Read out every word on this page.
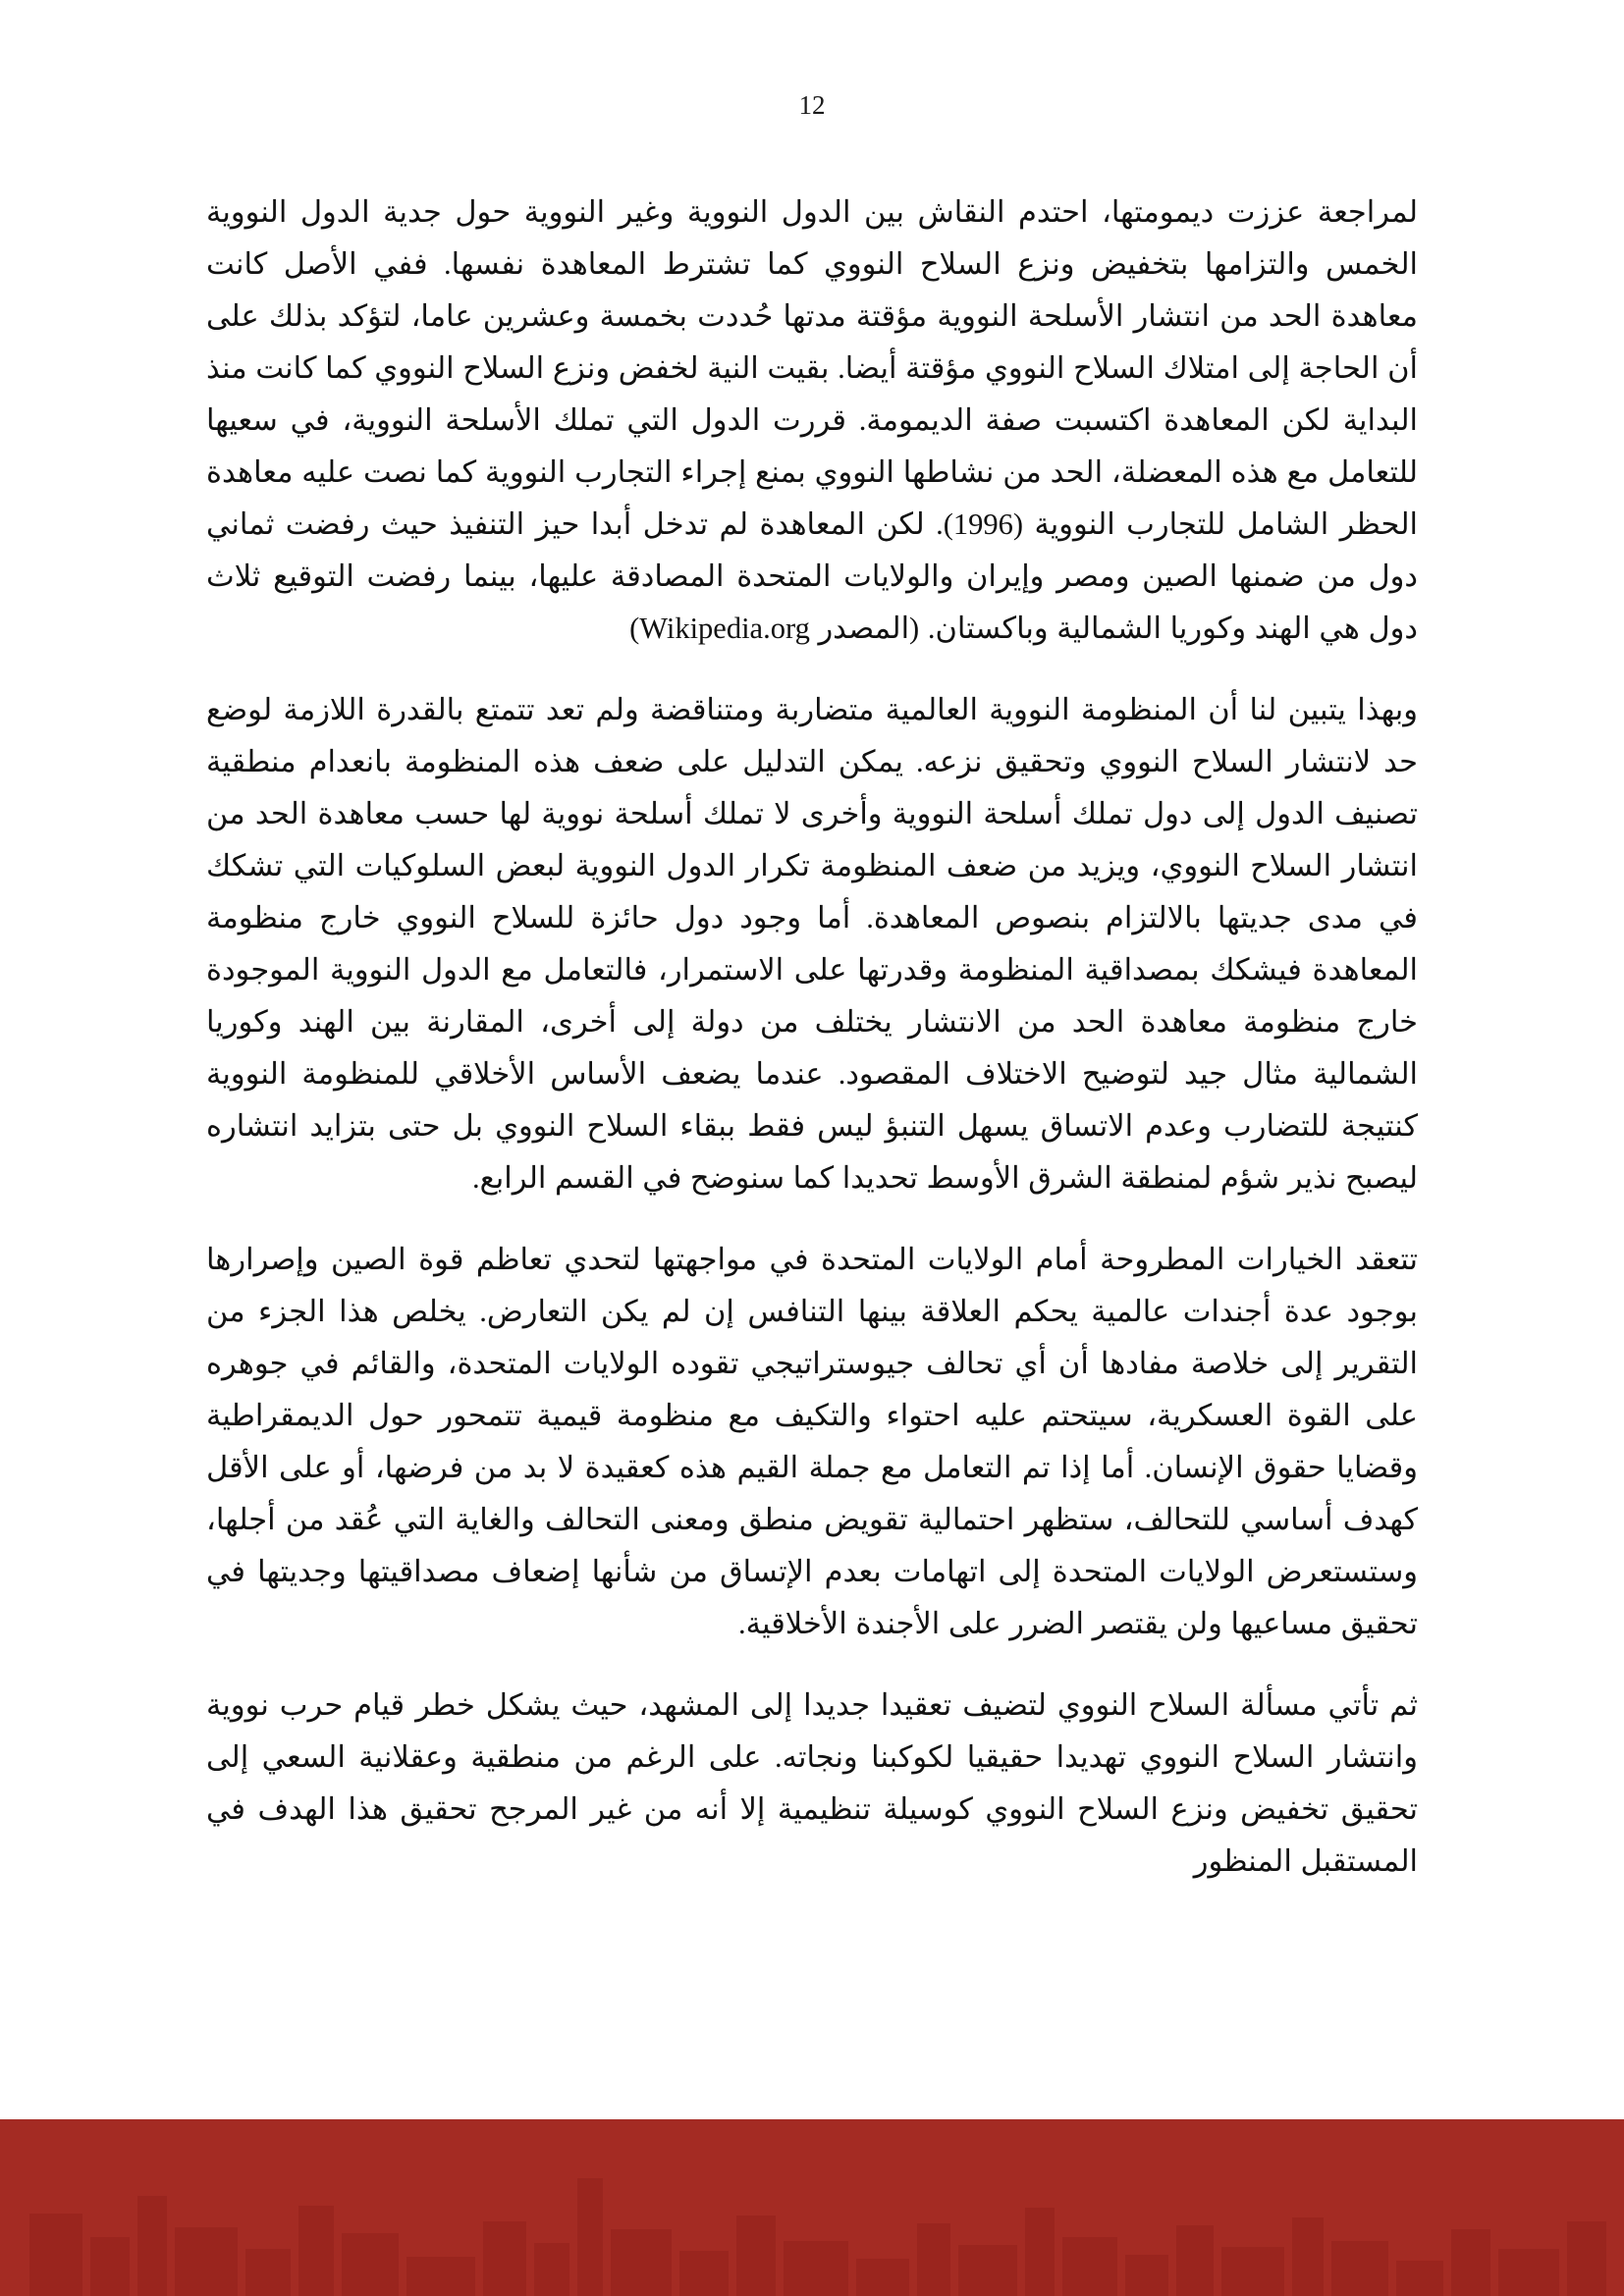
12

لمراجعة عززت ديمومتها، احتدم النقاش بين الدول النووية وغير النووية حول جدية الدول النووية الخمس والتزامها بتخفيض ونزع السلاح النووي كما تشترط المعاهدة نفسها. ففي الأصل كانت معاهدة الحد من انتشار الأسلحة النووية مؤقتة مدتها حُددت بخمسة وعشرين عاما، لتؤكد بذلك على أن الحاجة إلى امتلاك السلاح النووي مؤقتة أيضا. بقيت النية لخفض ونزع السلاح النووي كما كانت منذ البداية لكن المعاهدة اكتسبت صفة الديمومة. قررت الدول التي تملك الأسلحة النووية، في سعيها للتعامل مع هذه المعضلة، الحد من نشاطها النووي بمنع إجراء التجارب النووية كما نصت عليه معاهدة الحظر الشامل للتجارب النووية (1996). لكن المعاهدة لم تدخل أبدا حيز التنفيذ حيث رفضت ثماني دول من ضمنها الصين ومصر وإيران والولايات المتحدة المصادقة عليها، بينما رفضت التوقيع ثلاث دول هي الهند وكوريا الشمالية وباكستان. (المصدر Wikipedia.org)

وبهذا يتبين لنا أن المنظومة النووية العالمية متضاربة ومتناقضة ولم تعد تتمتع بالقدرة اللازمة لوضع حد لانتشار السلاح النووي وتحقيق نزعه. يمكن التدليل على ضعف هذه المنظومة بانعدام منطقية تصنيف الدول إلى دول تملك أسلحة النووية وأخرى لا تملك أسلحة نووية لها حسب معاهدة الحد من انتشار السلاح النووي، ويزيد من ضعف المنظومة تكرار الدول النووية لبعض السلوكيات التي تشكك في مدى جديتها بالالتزام بنصوص المعاهدة. أما وجود دول حائزة للسلاح النووي خارج منظومة المعاهدة فيشكك بمصداقية المنظومة وقدرتها على الاستمرار، فالتعامل مع الدول النووية الموجودة خارج منظومة معاهدة الحد من الانتشار يختلف من دولة إلى أخرى، المقارنة بين الهند وكوريا الشمالية مثال جيد لتوضيح الاختلاف المقصود. عندما يضعف الأساس الأخلاقي للمنظومة النووية كنتيجة للتضارب وعدم الاتساق يسهل التنبؤ ليس فقط ببقاء السلاح النووي بل حتى بتزايد انتشاره ليصبح نذير شؤم لمنطقة الشرق الأوسط تحديدا كما سنوضح في القسم الرابع.

تتعقد الخيارات المطروحة أمام الولايات المتحدة في مواجهتها لتحدي تعاظم قوة الصين وإصرارها بوجود عدة أجندات عالمية يحكم العلاقة بينها التنافس إن لم يكن التعارض. يخلص هذا الجزء من التقرير إلى خلاصة مفادها أن أي تحالف جيوستراتيجي تقوده الولايات المتحدة، والقائم في جوهره على القوة العسكرية، سيتحتم عليه احتواء والتكيف مع منظومة قيمية تتمحور حول الديمقراطية وقضايا حقوق الإنسان. أما إذا تم التعامل مع جملة القيم هذه كعقيدة لا بد من فرضها، أو على الأقل كهدف أساسي للتحالف، ستظهر احتمالية تقويض منطق ومعنى التحالف والغاية التي عُقد من أجلها، وستستعرض الولايات المتحدة إلى اتهامات بعدم الإتساق من شأنها إضعاف مصداقيتها وجديتها في تحقيق مساعيها ولن يقتصر الضرر على الأجندة الأخلاقية.

ثم تأتي مسألة السلاح النووي لتضيف تعقيدا جديدا إلى المشهد، حيث يشكل خطر قيام حرب نووية وانتشار السلاح النووي تهديدا حقيقيا لكوكبنا ونجاته. على الرغم من منطقية وعقلانية السعي إلى تحقيق تخفيض ونزع السلاح النووي كوسيلة تنظيمية إلا أنه من غير المرجح تحقيق هذا الهدف في المستقبل المنظور
